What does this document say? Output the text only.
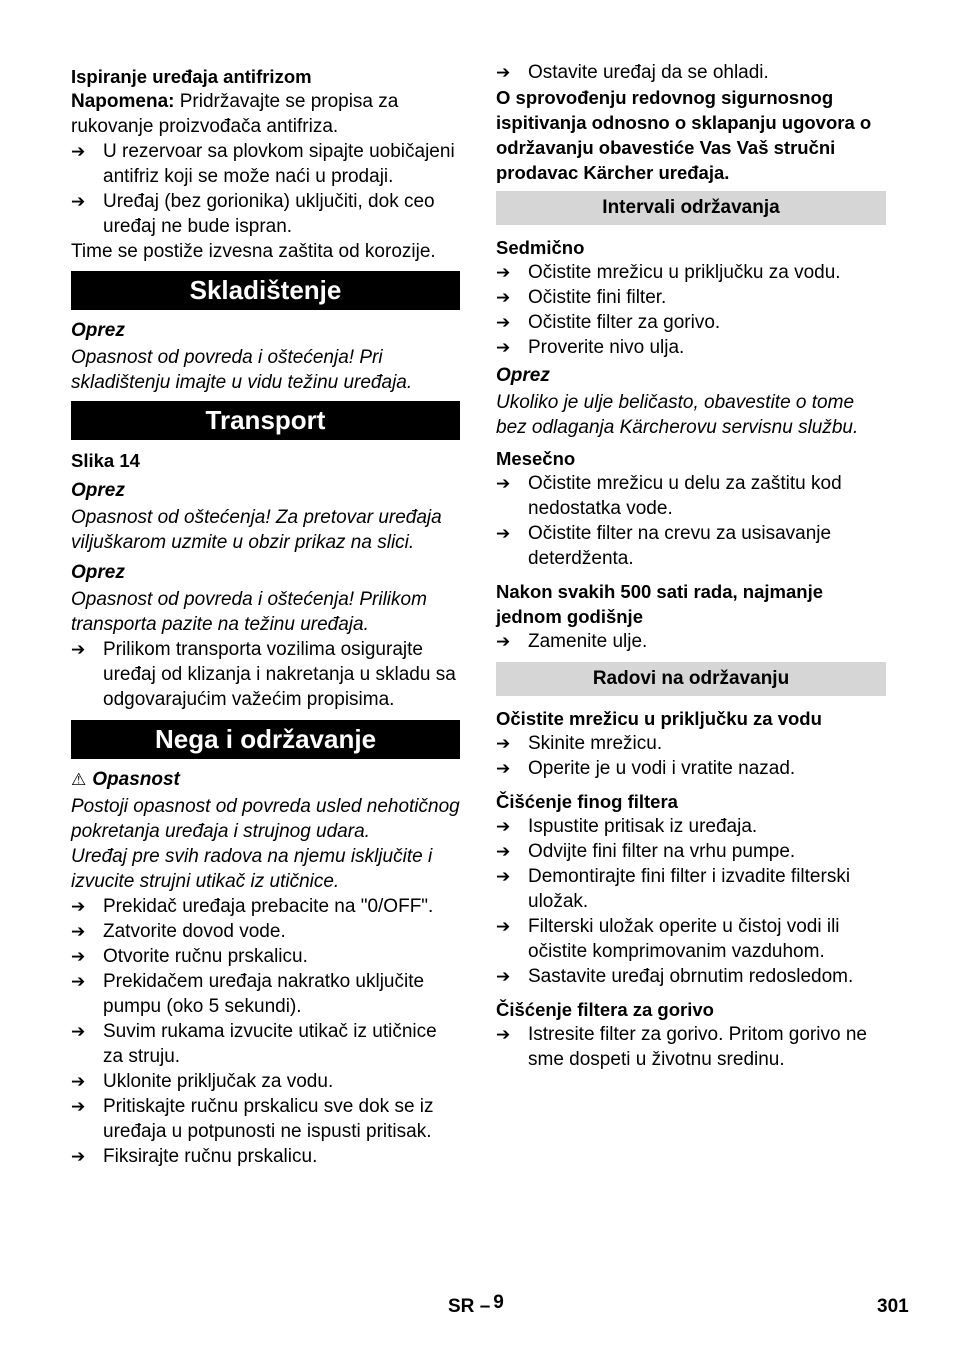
Ispiranje uređaja antifrizom

Napomena: Pridržavajte se propisa za rukovanje proizvođača antifriza.

➔ U rezervoar sa plovkom sipajte uobičajeni antifriz koji se može naći u prodaji.
➔ Uređaj (bez gorionika) uključiti, dok ceo uređaj ne bude ispran.

Time se postiže izvesna zaštita od korozije.

Skladištenje

Oprez

Opasnost od povreda i oštećenja! Pri skladištenju imajte u vidu težinu uređaja.

Transport

Slika 14

Oprez

Opasnost od oštećenja! Za pretovar uređaja viljuškarom uzmite u obzir prikaz na slici.

Oprez

Opasnost od povreda i oštećenja! Prilikom transporta pazite na težinu uređaja.

➔ Prilikom transporta vozilima osigurajte uređaj od klizanja i nakretanja u skladu sa odgovarajućim važećim propisima.
Nega i održavanje

⚠ Opasnost

Postoji opasnost od povreda usled nehotičnog pokretanja uređaja i strujnog udara.

Uređaj pre svih radova na njemu isključite i izvucite strujni utikač iz utičnice.

➔ Prekidač uređaja prebacite na "0/OFF".
➔ Zatvorite dovod vode.
➔ Otvorite ručnu prskalicu.
➔ Prekidačem uređaja nakratko uključite pumpu (oko 5 sekundi).
➔ Suvim rukama izvucite utikač iz utičnice za struju.
➔ Uklonite priključak za vodu.
➔ Pritiskajte ručnu prskalicu sve dok se iz uređaja u potpunosti ne ispusti pritisak.
➔ Fiksirajte ručnu prskalicu.
➔ Ostavite uređaj da se ohladi.

O sprovođenju redovnog sigurnosnog ispitivanja odnosno o sklapanju ugovora o održavanju obavestiće Vas Vaš stručni prodavac Kärcher uređaja.

Intervali održavanja

Sedmično

➔ Očistite mrežicu u priključku za vodu.
➔ Očistite fini filter.
➔ Očistite filter za gorivo.
➔ Proverite nivo ulja.

Oprez

Ukoliko je ulje beličasto, obavestite o tome bez odlaganja Kärcherovu servisnu službu.

Mesečno

➔ Očistite mrežicu u delu za zaštitu kod nedostatka vode.
➔ Očistite filter na crevu za usisavanje deterdženta.

Nakon svakih 500 sati rada, najmanje jednom godišnje

➔ Zamenite ulje.
Radovi na održavanju

Očistite mrežicu u priključku za vodu

➔ Skinite mrežicu.
➔ Operite je u vodi i vratite nazad.

Čišćenje finog filtera

➔ Ispustite pritisak iz uređaja.
➔ Odvijte fini filter na vrhu pumpe.
➔ Demontirajte fini filter i izvadite filterski uložak.
➔ Filterski uložak operite u čistoj vodi ili očistite komprimovanim vazduhom.
➔ Sastavite uređaj obrnutim redosledom.

Čišćenje filtera za gorivo

➔ Istresite filter za gorivo. Pritom gorivo ne sme dospeti u životnu sredinu.
SR – 9	301
